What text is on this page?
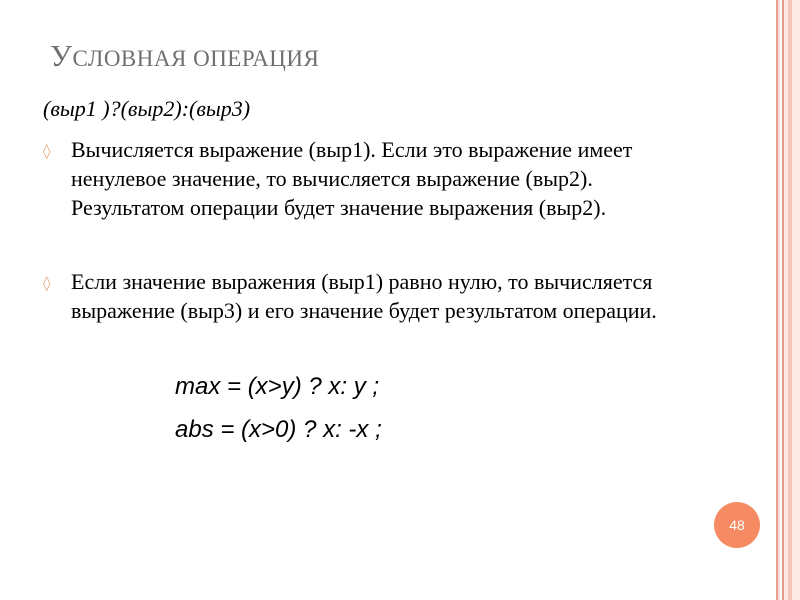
УСЛОВНАЯ ОПЕРАЦИЯ
(выр1 )?(выр2):(выр3)
◊ Вычисляется выражение (выр1). Если это выражение имеет ненулевое значение, то вычисляется выражение (выр2). Результатом операции будет значение выражения (выр2).
◊ Если значение выражения (выр1) равно нулю, то вычисляется выражение (выр3) и его значение будет результатом операции.
max = (x>y) ? x: y ;
abs = (x>0) ? x: -x ;
48
